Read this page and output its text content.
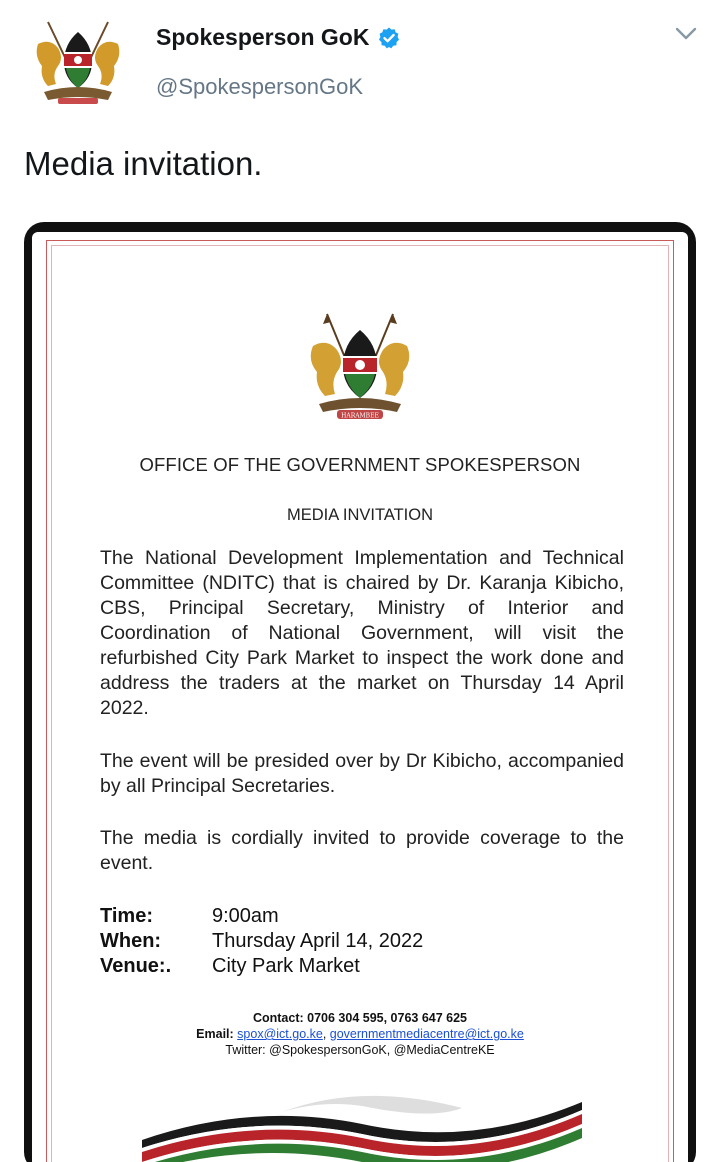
Spokesperson GoK
@SpokespersonGoK
Media invitation.
HARAMBEE
OFFICE OF THE GOVERNMENT SPOKESPERSON
MEDIA INVITATION
The National Development Implementation and Technical Committee (NDITC) that is chaired by Dr. Karanja Kibicho, CBS, Principal Secretary, Ministry of Interior and Coordination of National Government, will visit the refurbished City Park Market to inspect the work done and address the traders at the market on Thursday 14 April 2022.
The event will be presided over by Dr Kibicho, accompanied by all Principal Secretaries.
The media is cordially invited to provide coverage to the event.
Time:	9:00am
When:	Thursday April 14, 2022
Venue:.	City Park Market
Contact: 0706 304 595, 0763 647 625
Email: spox@ict.go.ke, governmentmediacentre@ict.go.ke
Twitter: @SpokespersonGoK, @MediaCentreKE
